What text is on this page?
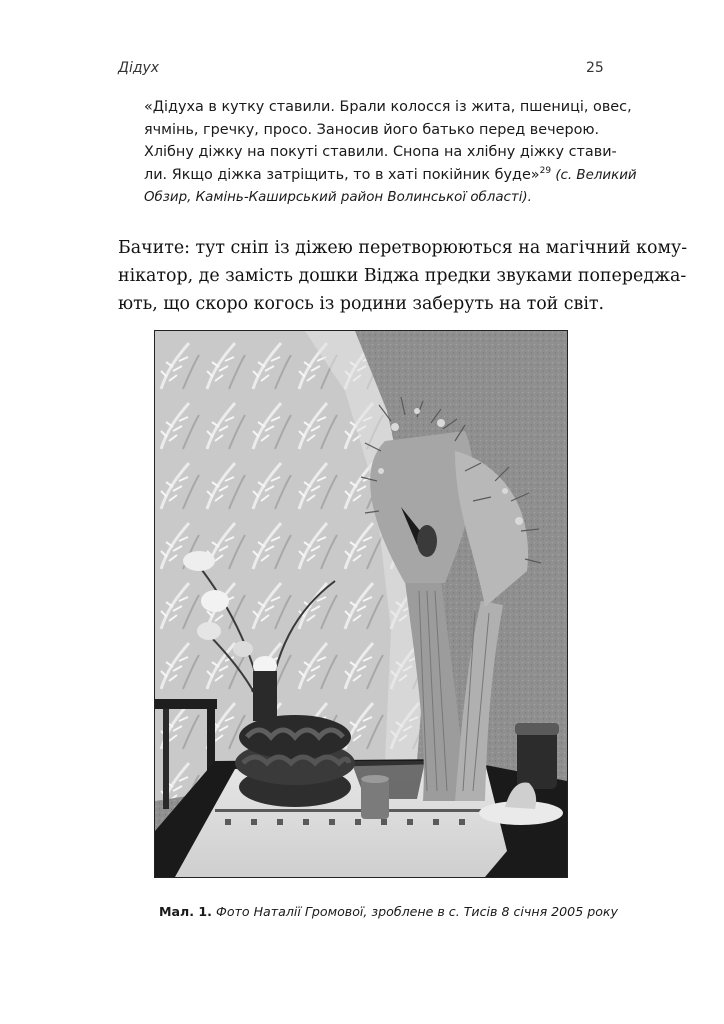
Дідух	25
«Дідуха в кутку ставили. Брали колосся із жита, пшениці, овес,
ячмінь, гречку, просо. Заносив його батько перед вечерою.
Хлібну діжку на покуті ставили. Снопа на хлібну діжку стави-
ли. Якщо діжка затріщить, то в хаті покійник буде»$^{29}$ (с. Великий
Обзир, Камінь-Каширський район Волинської області).
Бачите: тут сніп із діжею перетворюються на магічний кому-
нікатор, де замість дошки Віджа предки звуками попереджа-
ють, що скоро когось із родини заберуть на той світ.
Мал. 1. Фото Наталії Громової, зроблене в с. Тисів 8 січня 2005 року
